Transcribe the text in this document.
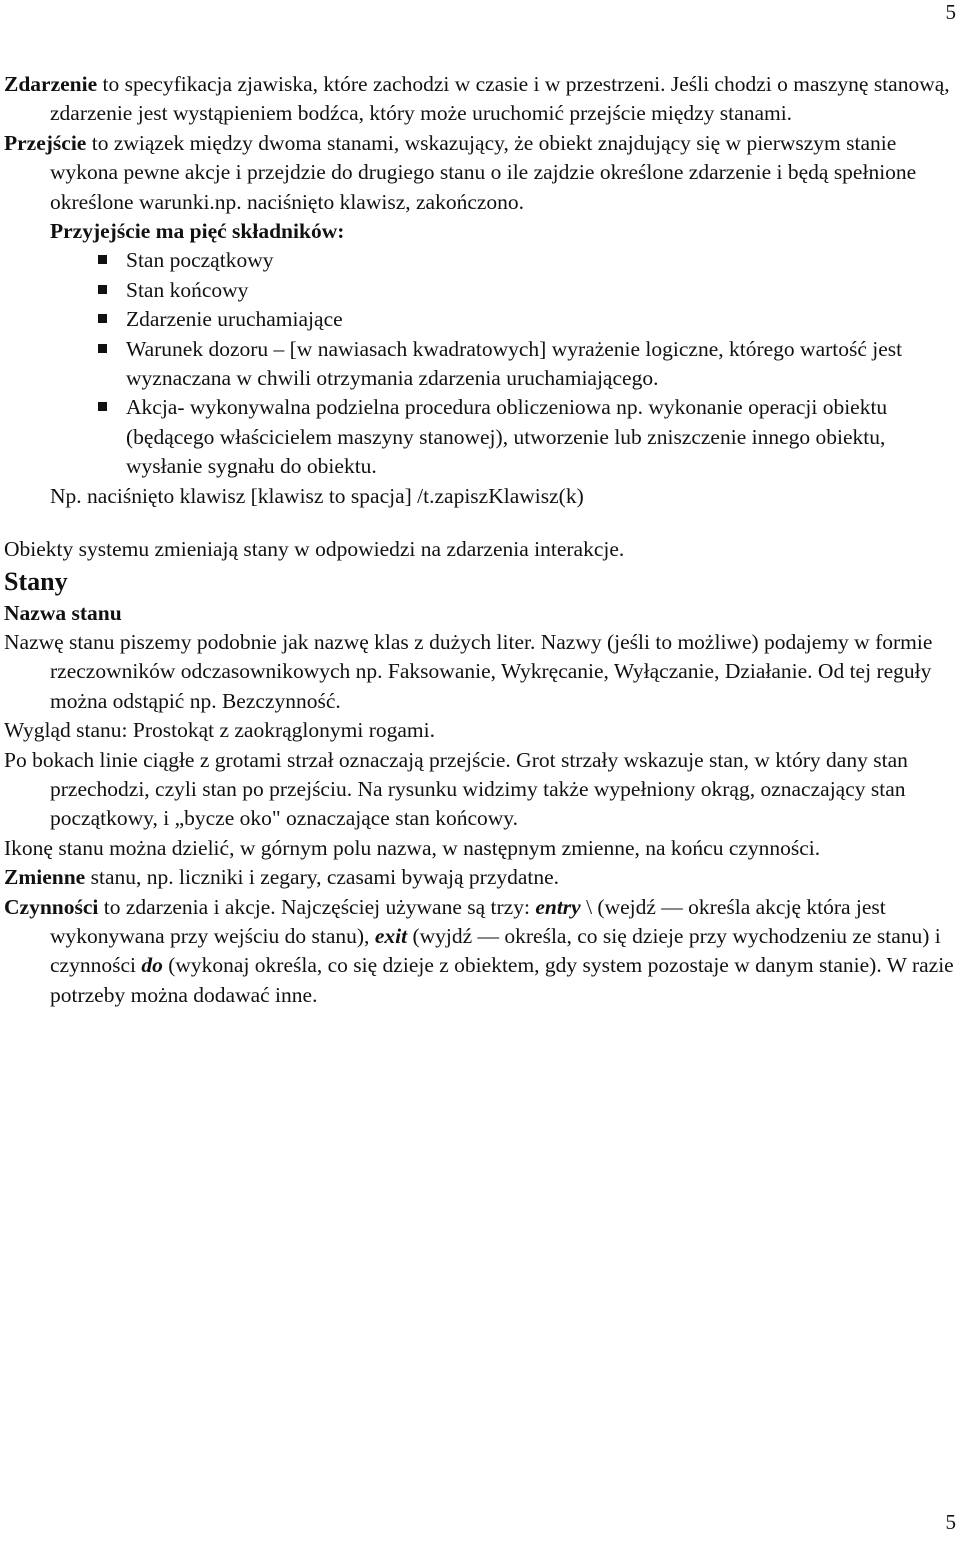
5

Zdarzenie to specyfikacja zjawiska, które zachodzi w czasie i w przestrzeni. Jeśli chodzi o maszynę stanową, zdarzenie jest wystąpieniem bodźca, który może uruchomić przejście między stanami.

Przejście to związek między dwoma stanami, wskazujący, że obiekt znajdujący się w pierwszym stanie wykona pewne akcje i przejdzie do drugiego stanu o ile zajdzie określone zdarzenie i będą spełnione określone warunki.np. naciśnięto klawisz, zakończono.

Przyjejście ma pięć składników:

Stan początkowy
Stan końcowy
Zdarzenie uruchamiające
Warunek dozoru – [w nawiasach kwadratowych] wyrażenie logiczne, którego wartość jest wyznaczana w chwili otrzymania zdarzenia uruchamiającego.
Akcja- wykonywalna podzielna procedura obliczeniowa np. wykonanie operacji obiektu (będącego właścicielem maszyny stanowej), utworzenie lub zniszczenie innego obiektu, wysłanie sygnału do obiektu.

Np. naciśnięto klawisz [klawisz to spacja] /t.zapiszKlawisz(k)

Obiekty systemu zmieniają stany w odpowiedzi na zdarzenia interakcje.

Stany

Nazwa stanu

Nazwę stanu piszemy podobnie jak nazwę klas z dużych liter. Nazwy (jeśli to możliwe) podajemy w formie rzeczowników odczasownikowych np. Faksowanie, Wykręcanie, Wyłączanie, Działanie. Od tej reguły można odstąpić np. Bezczynność.

Wygląd stanu: Prostokąt z zaokrąglonymi rogami.

Po bokach linie ciągłe z grotami strzał oznaczają przejście. Grot strzały wskazuje stan, w który dany stan przechodzi, czyli stan po przejściu. Na rysunku widzimy także wypełniony okrąg, oznaczający stan początkowy, i „bycze oko" oznaczające stan końcowy.

Ikonę stanu można dzielić, w górnym polu nazwa, w następnym zmienne, na końcu czynności.

Zmienne stanu, np. liczniki i zegary, czasami bywają przydatne.

Czynności to zdarzenia i akcje. Najczęściej używane są trzy: entry \ (wejdź — określa akcję która jest wykonywana przy wejściu do stanu), exit (wyjdź — określa, co się dzieje przy wychodzeniu ze stanu) i czynności do (wykonaj określa, co się dzieje z obiektem, gdy system pozostaje w danym stanie). W razie potrzeby można dodawać inne.

5
